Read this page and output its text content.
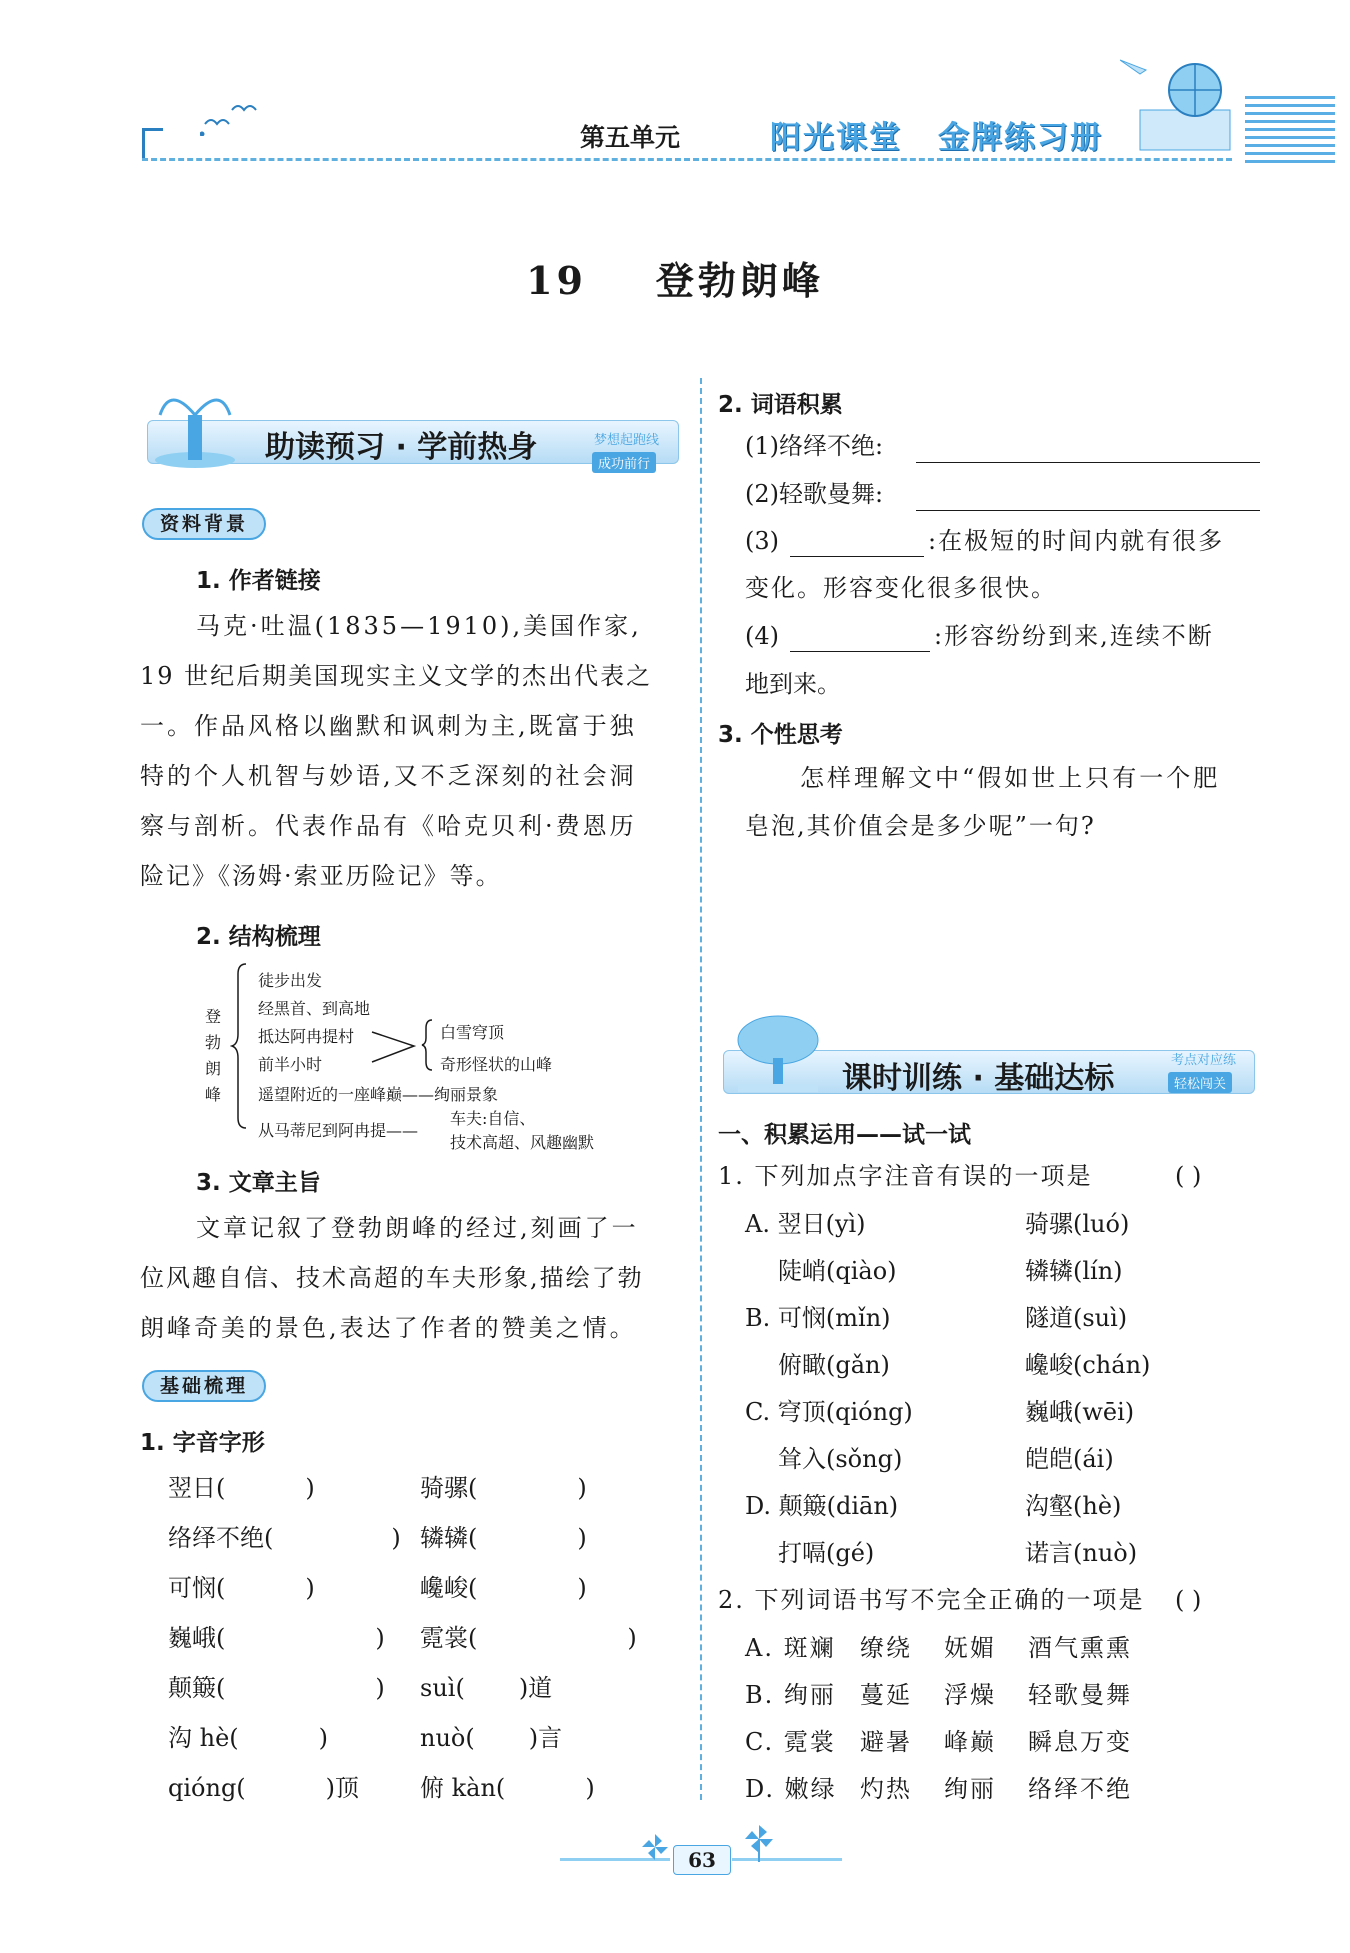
第五单元	阳光课堂 金牌练习册
19 登勃朗峰
助读预习 · 学前热身	梦想起跑线
成功前行
资料背景
1. 作者链接
马克·吐温(1835—1910),美国作家,
19 世纪后期美国现实主义文学的杰出代表之
一。作品风格以幽默和讽刺为主,既富于独
特的个人机智与妙语,又不乏深刻的社会洞
察与剖析。代表作品有《哈克贝利·费恩历
险记》《汤姆·索亚历险记》等。
2. 结构梳理
登勃朗峰
徒步出发
经黑首、到高地
抵达阿冉提村
前半小时
白雪穹顶
奇形怪状的山峰
遥望附近的一座峰巅——绚丽景象
从马蒂尼到阿冉提——
车夫:自信、
技术高超、风趣幽默
3. 文章主旨
文章记叙了登勃朗峰的经过,刻画了一
位风趣自信、技术高超的车夫形象,描绘了勃
朗峰奇美的景色,表达了作者的赞美之情。
基础梳理
1. 字音字形
翌日(	)	骑骡(	)
络绎不绝(	) 辚辚(	)
可悯(	)	巉峻(	)
巍峨(	) 霓裳(	)
颠簸(	) suì( )道
沟 hè(	)	nuò( )言
qióng(	)顶	俯 kàn(	)
2. 词语积累
(1)络绎不绝:
(2)轻歌曼舞:
(3)	:在极短的时间内就有很多
变化。形容变化很多很快。
(4)	:形容纷纷到来,连续不断
地到来。
3. 个性思考
怎样理解文中“假如世上只有一个肥
皂泡,其价值会是多少呢”一句?
课时训练 · 基础达标
考点对应练
轻松闯关
一、积累运用——试一试
1. 下列加点字注音有误的一项是	( )
A. 翌日(yì)	骑骡(luó)
陡峭(qiào)	辚辚(lín)
B. 可悯(mǐn)	隧道(suì)
俯瞰(gǎn)	巉峻(chán)
C. 穹顶(qióng)	巍峨(wēi)
耸入(sǒng)	皑皑(ái)
D. 颠簸(diān)	沟壑(hè)
打嗝(gé)	诺言(nuò)
2. 下列词语书写不完全正确的一项是 ( )
A. 斑斓 缭绕 妩媚 酒气熏熏
B. 绚丽 蔓延 浮燥 轻歌曼舞
C. 霓裳 避暑 峰巅 瞬息万变
D. 嫩绿 灼热 绚丽 络绎不绝
63
